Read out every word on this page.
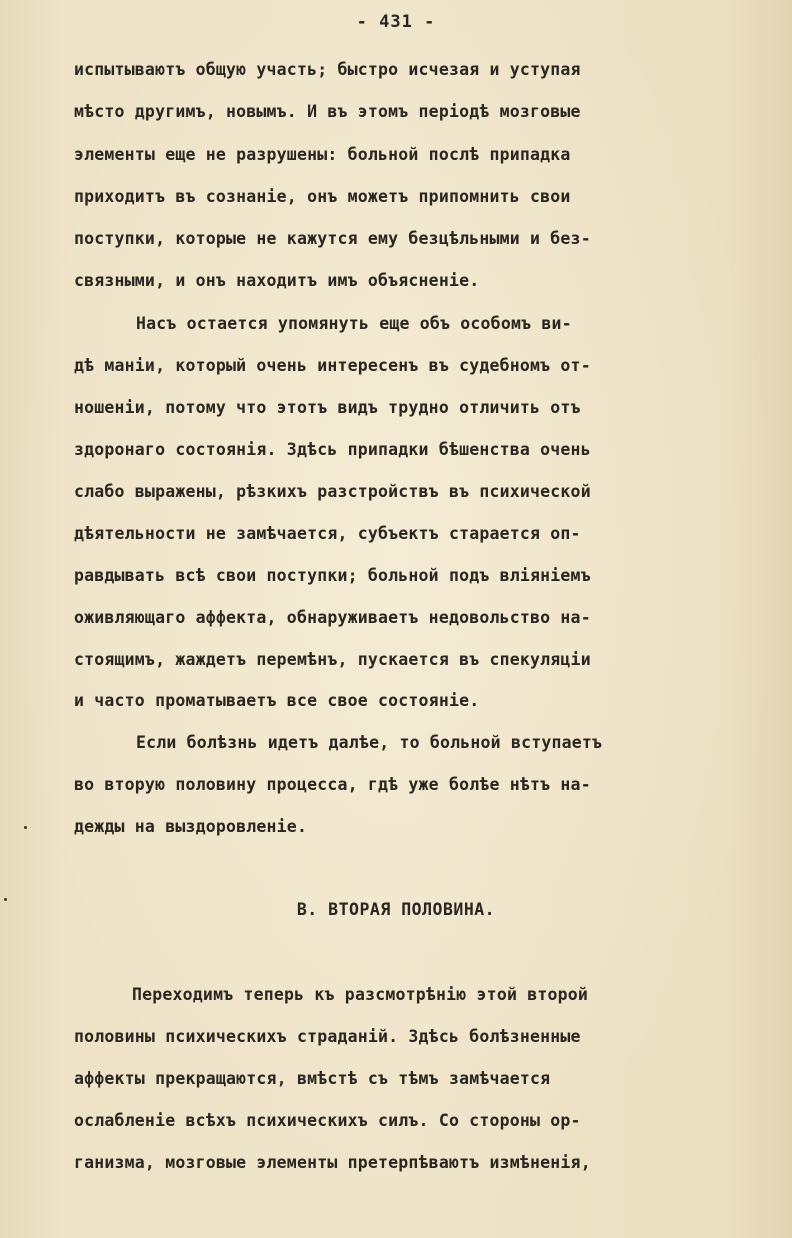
- 431 -
испытываютъ общую участь; быстро исчезая и уступая
мѣсто другимъ, новымъ. И въ этомъ періодѣ мозговые
элементы еще не разрушены: больной послѣ припадка
приходитъ въ сознаніе, онъ можетъ припомнить свои
поступки, которые не кажутся ему безцѣльными и без-
связными, и онъ находитъ имъ объясненіе.
Насъ остается упомянуть еще объ особомъ ви-
дѣ маніи, который очень интересенъ въ судебномъ от-
ношеніи, потому что этотъ видъ трудно отличить отъ
здоронаго состоянія. Здѣсь припадки бѣшенства очень
слабо выражены, рѣзкихъ разстройствъ въ психической
дѣятельности не замѣчается, субъектъ старается оп-
равдывать всѣ свои поступки; больной подъ вліяніемъ
оживляющаго аффекта, обнаруживаетъ недовольство на-
стоящимъ, жаждетъ перемѣнъ, пускается въ спекуляціи
и часто проматываетъ все свое состояніе.
Если болѣзнь идетъ далѣе, то больной вступаетъ
во вторую половину процесса, гдѣ уже болѣе нѣтъ на-
дежды на выздоровленіе.
В. ВТОРАЯ ПОЛОВИНА.
Переходимъ теперь къ разсмотрѣнію этой второй
половины психическихъ страданій. Здѣсь болѣзненные
аффекты прекращаются, вмѣстѣ съ тѣмъ замѣчается
ослабленіе всѣхъ психическихъ силъ. Со стороны ор-
ганизма, мозговые элементы претерпѣваютъ измѣненія,
